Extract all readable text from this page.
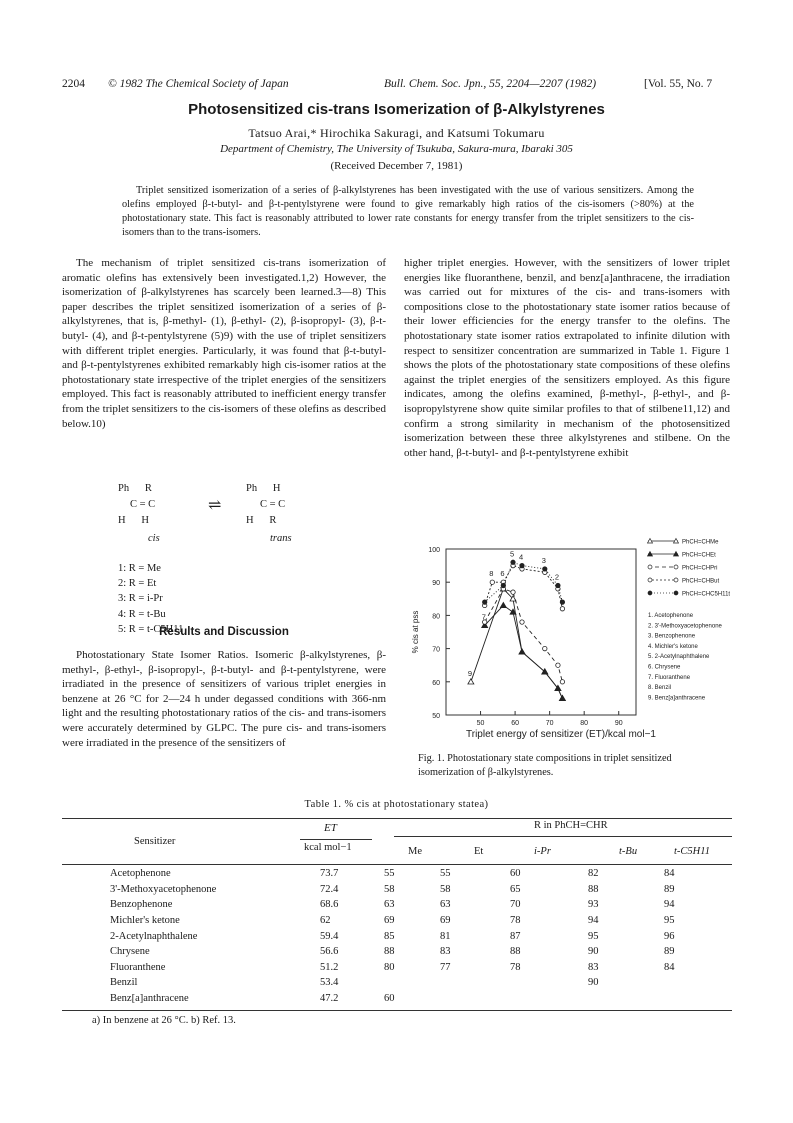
2204 © 1982 The Chemical Society of Japan	Bull. Chem. Soc. Jpn., 55, 2204—2207 (1982)	[Vol. 55, No. 7
Photosensitized cis-trans Isomerization of β-Alkylstyrenes
Tatsuo Arai,* Hirochika Sakuragi, and Katsumi Tokumaru
Department of Chemistry, The University of Tsukuba, Sakura-mura, Ibaraki 305
(Received December 7, 1981)
Triplet sensitized isomerization of a series of β-alkylstyrenes has been investigated with the use of various sensitizers. Among the olefins employed β-t-butyl- and β-t-pentylstyrene were found to give remarkably high ratios of the cis-isomers (>80%) at the photostationary state. This fact is reasonably attributed to lower rate constants for energy transfer from the triplet sensitizers to the cis-isomers than to the trans-isomers.

The mechanism of triplet sensitized cis-trans isomerization of aromatic olefins has extensively been investigated.1,2) However, the isomerization of β-alkylstyrenes has scarcely been learned.3—8) This paper describes the triplet sensitized isomerization of a series of β-alkylstyrenes, that is, β-methyl- (1), β-ethyl- (2), β-isopropyl- (3), β-t-butyl- (4), and β-t-pentylstyrene (5)9) with the use of triplet sensitizers with different triplet energies. Particularly, it was found that β-t-butyl- and β-t-pentylstyrenes exhibited remarkably high cis-isomer ratios at the photostationary state irrespective of the triplet energies of the sensitizers employed. This fact is reasonably attributed to inefficient energy transfer from the triplet sensitizers to the cis-isomers of these olefins as described below.10)

Ph      R
C = C
H      H
cis
⇌
Ph      H
C = C
H      R
trans
1: R = Me
2: R = Et
3: R = i-Pr
4: R = t-Bu
5: R = t-C5H11
Results and Discussion

Photostationary State Isomer Ratios. Isomeric β-alkylstyrenes, β-methyl-, β-ethyl-, β-isopropyl-, β-t-butyl- and β-t-pentylstyrene, were irradiated in the presence of sensitizers of various triplet energies in benzene at 26 °C for 2—24 h under degassed conditions with 366-nm light and the resulting photostationary ratios of the cis- and trans-isomers were accurately determined by GLPC. The pure cis- and trans-isomers were irradiated in the presence of the sensitizers of

higher triplet energies. However, with the sensitizers of lower triplet energies like fluoranthene, benzil, and benz[a]anthracene, the irradiation was carried out for mixtures of the cis- and trans-isomers with compositions close to the photostationary state isomer ratios because of their lower efficiencies for the energy transfer to the olefins. The photostationary state isomer ratios extrapolated to infinite dilution with respect to sensitizer concentration are summarized in Table 1. Figure 1 shows the plots of the photostationary state compositions of these olefins against the triplet energies of the sensitizers employed. As this figure indicates, among the olefins examined, β-methyl-, β-ethyl-, and β-isopropylstyrene show quite similar profiles to that of stilbene11,12) and confirm a strong similarity in mechanism of the photosensitized isomerization between these three alkylstyrenes and stilbene. On the other hand, β-t-butyl- and β-t-pentylstyrene exhibit

100
90
80
70
60
50
50	60	70	80	90
% cis at pss
Triplet energy of sensitizer (ET)/kcal mol−1
1
2
3
4
5
6
7
8
9
PhCH=CHMe
PhCH=CHEt
PhCH=CHPri
PhCH=CHBut
PhCH=CHC5H11t
1. Acetophenone
2. 3'-Methoxyacetophenone
3. Benzophenone
4. Michler's ketone
5. 2-Acetylnaphthalene
6. Chrysene
7. Fluoranthene
8. Benzil
9. Benz[a]anthracene
Fig. 1. Photostationary state compositions in triplet sensitized isomerization of β-alkylstyrenes.
Table 1. % cis at photostationary statea)
Sensitizer
ET
kcal mol−1
R in PhCH=CHR
Me	Et	i-Pr	t-Bu	t-C5H11
Acetophenone	73.7	55	55	60	82	84
3'-Methoxyacetophenone	72.4	58	58	65	88	89
Benzophenone	68.6	63	63	70	93	94
Michler's ketone	62	69	69	78	94	95
2-Acetylnaphthalene	59.4	85	81	87	95	96
Chrysene	56.6	88	83	88	90	89
Fluoranthene	51.2	80	77	78	83	84
Benzil	53.4				90	
Benz[a]anthracene	47.2	60				
a) In benzene at 26 °C. b) Ref. 13.
